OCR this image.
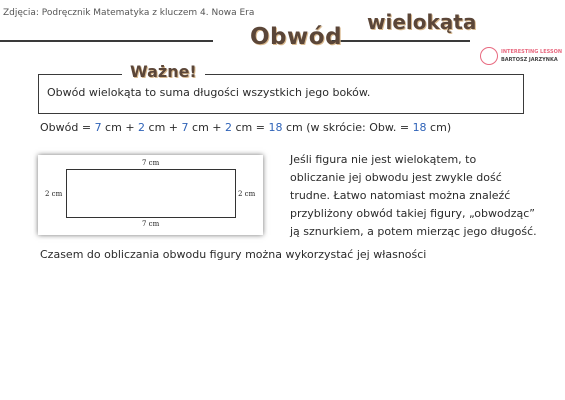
Zdjęcia: Podręcznik Matematyka z kluczem 4. Nowa Era
Obwód
wielokąta
INTERESTING LESSON
BARTOSZ JARZYNKA
Ważne!
Obwód wielokąta to suma długości wszystkich jego boków.
Obwód = 7 cm + 2 cm + 7 cm + 2 cm = 18 cm (w skrócie: Obw. = 18 cm)
7 cm
7 cm
2 cm	2 cm

Jeśli figura nie jest wielokątem, to

obliczanie jej obwodu jest zwykle dość

trudne. Łatwo natomiast można znaleźć

przybliżony obwód takiej figury, „obwodząc”

ją sznurkiem, a potem mierząc jego długość.

Czasem do obliczania obwodu figury można wykorzystać jej własności
